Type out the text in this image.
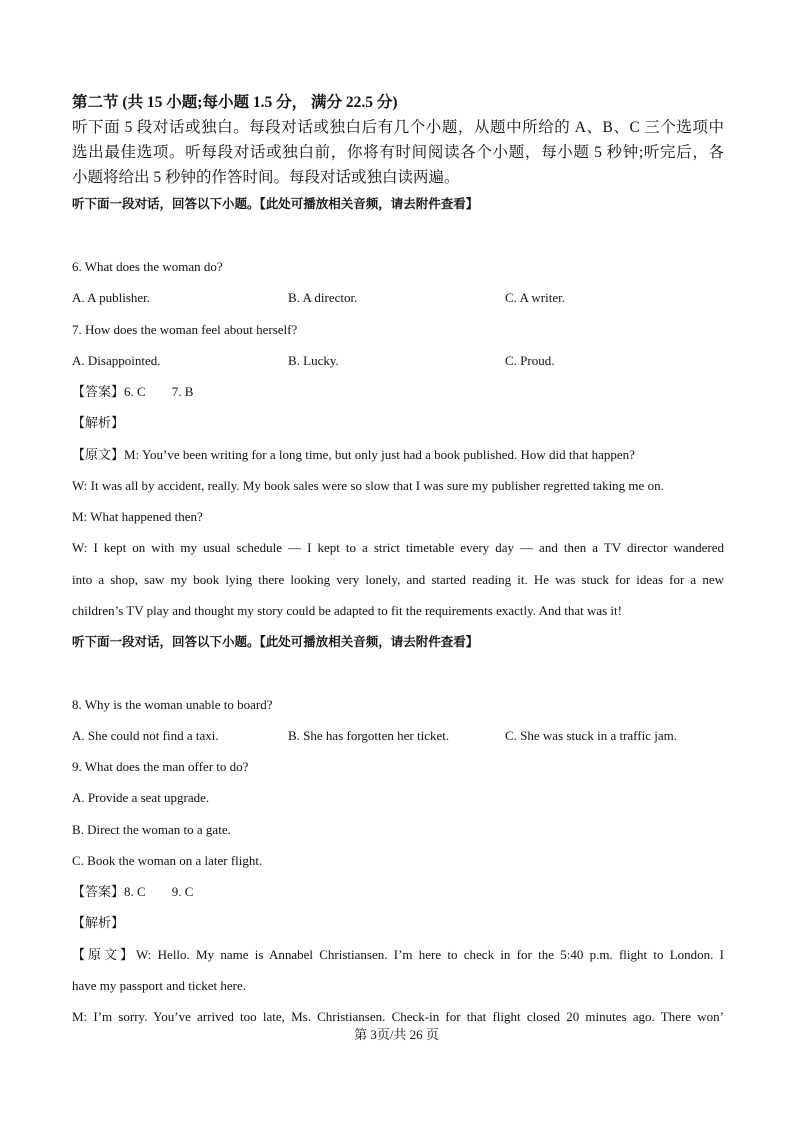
第二节 (共 15 小题;每小题 1.5 分， 满分 22.5 分)
听下面 5 段对话或独白。每段对话或独白后有几个小题，从题中所给的 A、B、C 三个选项中
选出最佳选项。听每段对话或独白前，你将有时间阅读各个小题，每小题 5 秒钟;听完后，各
小题将给出 5 秒钟的作答时间。每段对话或独白读两遍。
听下面一段对话，回答以下小题。【此处可播放相关音频，请去附件查看】
6. What does the woman do?
A. A publisher.	B. A director.	C. A writer.
7. How does the woman feel about herself?
A. Disappointed.	B. Lucky.	C. Proud.
【答案】6. C 7. B
【解析】
【原文】M: You’ve been writing for a long time, but only just had a book published. How did that happen?
W: It was all by accident, really. My book sales were so slow that I was sure my publisher regretted taking me on.
M: What happened then?
W: I kept on with my usual schedule — I kept to a strict timetable every day — and then a TV director wandered
into a shop, saw my book lying there looking very lonely, and started reading it. He was stuck for ideas for a new
children’s TV play and thought my story could be adapted to fit the requirements exactly. And that was it!
听下面一段对话，回答以下小题。【此处可播放相关音频，请去附件查看】
8. Why is the woman unable to board?
A. She could not find a taxi.	B. She has forgotten her ticket.	C. She was stuck in a traffic jam.
9. What does the man offer to do?
A. Provide a seat upgrade.
B. Direct the woman to a gate.
C. Book the woman on a later flight.
【答案】8. C 9. C
【解析】
【原文】W: Hello. My name is Annabel Christiansen. I’m here to check in for the 5:40 p.m. flight to London. I
have my passport and ticket here.
M: I’m sorry. You’ve arrived too late, Ms. Christiansen. Check-in for that flight closed 20 minutes ago. There won’
第 3页/共 26 页
